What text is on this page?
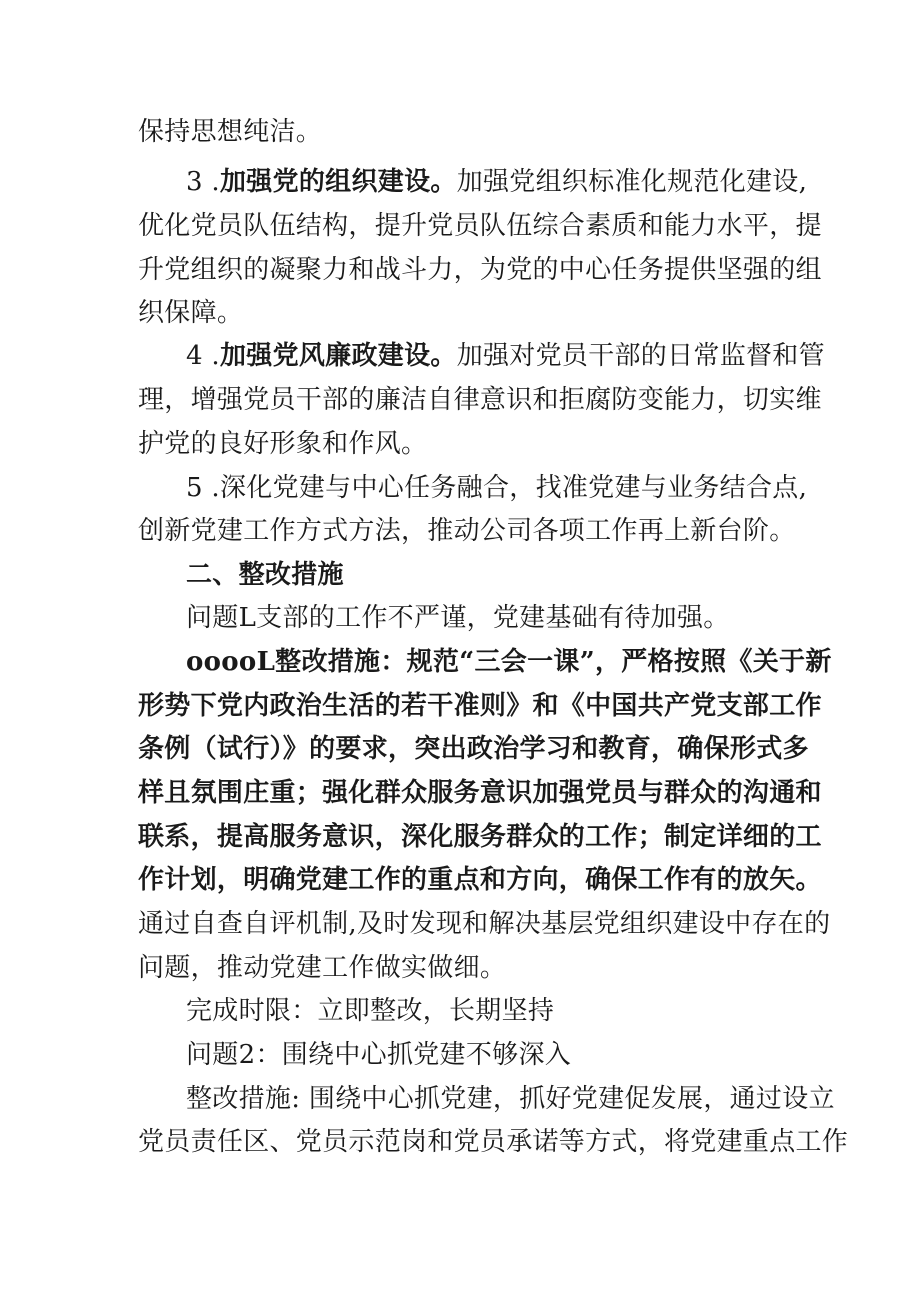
保持思想纯洁。
3 .加强党的组织建设。加强党组织标准化规范化建设,
优化党员队伍结构，提升党员队伍综合素质和能力水平，提
升党组织的凝聚力和战斗力，为党的中心任务提供坚强的组
织保障。
4 .加强党风廉政建设。加强对党员干部的日常监督和管
理，增强党员干部的廉洁自律意识和拒腐防变能力，切实维
护党的良好形象和作风。
5 .深化党建与中心任务融合，找准党建与业务结合点,
创新党建工作方式方法，推动公司各项工作再上新台阶。
二、整改措施
问题L支部的工作不严谨，党建基础有待加强。
ooooL整改措施：规范“三会一课”，严格按照《关于新
形势下党内政治生活的若干准则》和《中国共产党支部工作
条例（试行）》的要求，突出政治学习和教育，确保形式多
样且氛围庄重；强化群众服务意识加强党员与群众的沟通和
联系，提高服务意识，深化服务群众的工作；制定详细的工
作计划，明确党建工作的重点和方向，确保工作有的放矢。
通过自查自评机制,及时发现和解决基层党组织建设中存在的
问题，推动党建工作做实做细。
完成时限：立即整改，长期坚持
问题2：围绕中心抓党建不够深入
整改措施: 围绕中心抓党建，抓好党建促发展，通过设立
党员责任区、党员示范岗和党员承诺等方式，将党建重点工作
